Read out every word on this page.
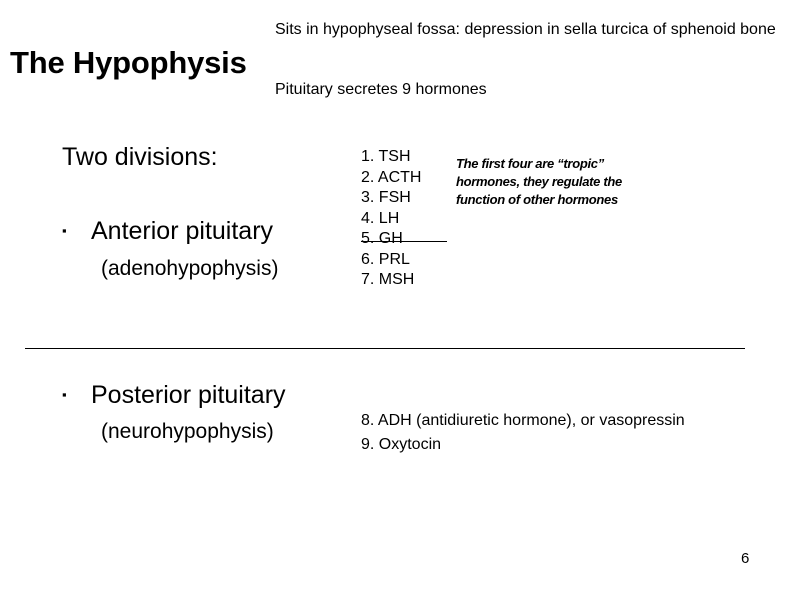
The Hypophysis

Sits in hypophyseal fossa: depression in sella turcica of sphenoid bone

Pituitary secretes 9 hormones

Two divisions:
▪ Anterior pituitary
(adenohypophysis)
1. TSH
2. ACTH
3. FSH
4. LH
5. GH
6. PRL
7. MSH
The first four are “tropic”
hormones, they regulate the
function of other hormones
▪ Posterior pituitary
(neurohypophysis)	8. ADH (antidiuretic hormone), or vasopressin
9. Oxytocin
6
